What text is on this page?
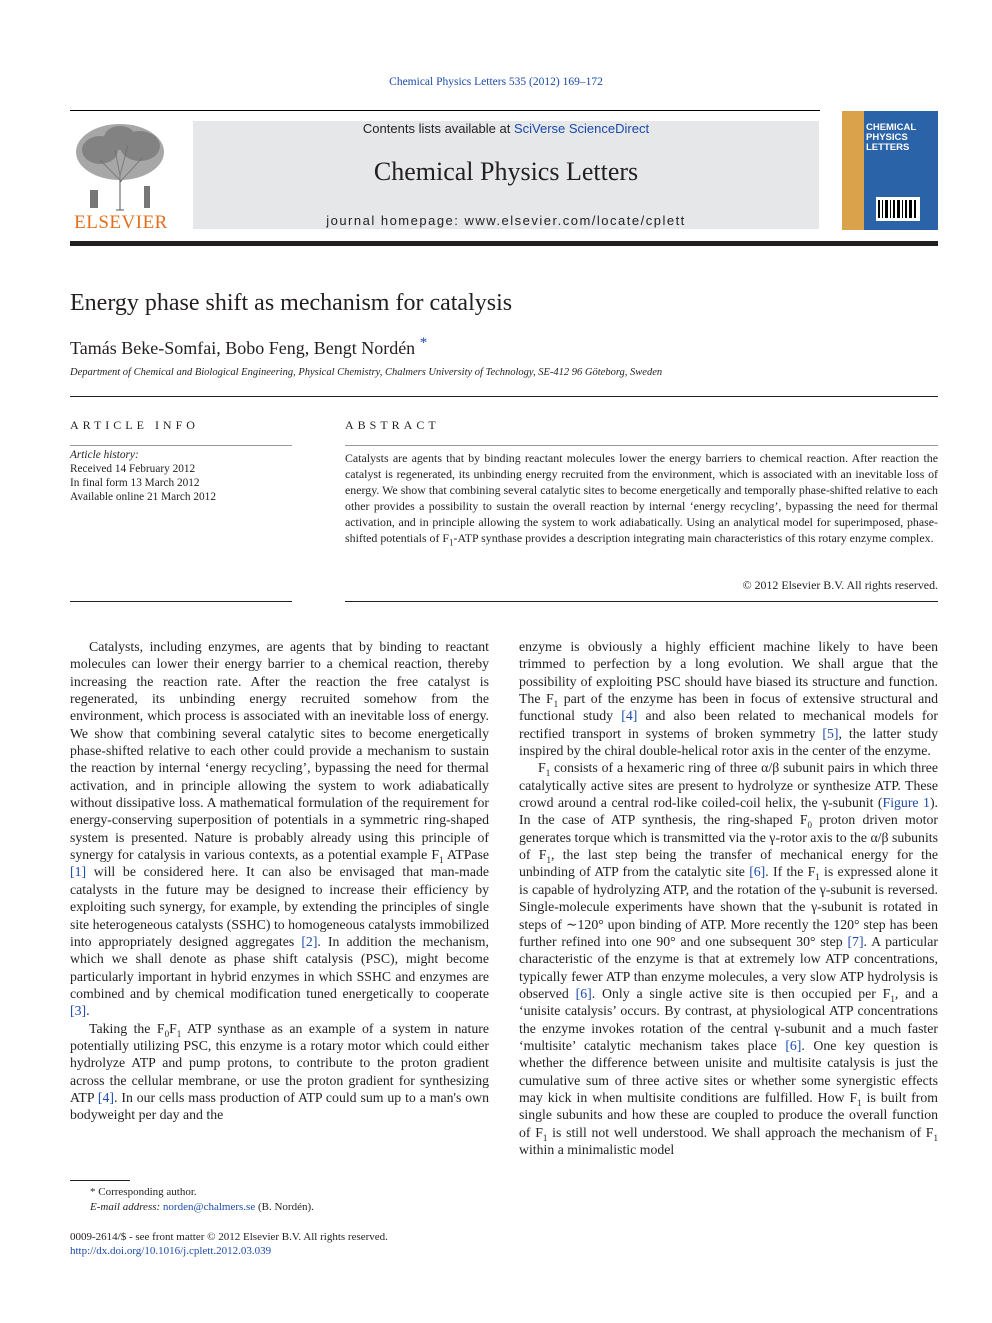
Chemical Physics Letters 535 (2012) 169–172
ELSEVIER
Contents lists available at SciVerse ScienceDirect
Chemical Physics Letters
journal homepage: www.elsevier.com/locate/cplett
CHEMICAL
PHYSICS
LETTERS
Energy phase shift as mechanism for catalysis
Tamás Beke-Somfai, Bobo Feng, Bengt Nordén *
Department of Chemical and Biological Engineering, Physical Chemistry, Chalmers University of Technology, SE-412 96 Göteborg, Sweden
ARTICLE INFO	ABSTRACT
Article history:
Received 14 February 2012
In final form 13 March 2012
Available online 21 March 2012
Catalysts are agents that by binding reactant molecules lower the energy barriers to chemical reaction. After reaction the catalyst is regenerated, its unbinding energy recruited from the environment, which is associated with an inevitable loss of energy. We show that combining several catalytic sites to become energetically and temporally phase-shifted relative to each other provides a possibility to sustain the overall reaction by internal ‘energy recycling’, bypassing the need for thermal activation, and in principle allowing the system to work adiabatically. Using an analytical model for superimposed, phase-shifted potentials of $F_1$-ATP synthase provides a description integrating main characteristics of this rotary enzyme complex.
© 2012 Elsevier B.V. All rights reserved.

Catalysts, including enzymes, are agents that by binding to reactant molecules can lower their energy barrier to a chemical reaction, thereby increasing the reaction rate. After the reaction the free catalyst is regenerated, its unbinding energy recruited somehow from the environment, which process is associated with an inevitable loss of energy. We show that combining several catalytic sites to become energetically phase-shifted relative to each other could provide a mechanism to sustain the reaction by internal ‘energy recycling’, bypassing the need for thermal activation, and in principle allowing the system to work adiabatically without dissipative loss. A mathematical formulation of the requirement for energy-conserving superposition of potentials in a symmetric ring-shaped system is presented. Nature is probably already using this principle of synergy for catalysis in various contexts, as a potential example $F_1$ ATPase [1] will be considered here. It can also be envisaged that man-made catalysts in the future may be designed to increase their efficiency by exploiting such synergy, for example, by extending the principles of single site heterogeneous catalysts (SSHC) to homogeneous catalysts immobilized into appropriately designed aggregates [2]. In addition the mechanism, which we shall denote as phase shift catalysis (PSC), might become particularly important in hybrid enzymes in which SSHC and enzymes are combined and by chemical modification tuned energetically to cooperate [3].

Taking the $F_0F_1$ ATP synthase as an example of a system in nature potentially utilizing PSC, this enzyme is a rotary motor which could either hydrolyze ATP and pump protons, to contribute to the proton gradient across the cellular membrane, or use the proton gradient for synthesizing ATP [4]. In our cells mass production of ATP could sum up to a man's own bodyweight per day and the

enzyme is obviously a highly efficient machine likely to have been trimmed to perfection by a long evolution. We shall argue that the possibility of exploiting PSC should have biased its structure and function. The $F_1$ part of the enzyme has been in focus of extensive structural and functional study [4] and also been related to mechanical models for rectified transport in systems of broken symmetry [5], the latter study inspired by the chiral double-helical rotor axis in the center of the enzyme.

$F_1$ consists of a hexameric ring of three α/β subunit pairs in which three catalytically active sites are present to hydrolyze or synthesize ATP. These crowd around a central rod-like coiled-coil helix, the γ-subunit (Figure 1). In the case of ATP synthesis, the ring-shaped $F_0$ proton driven motor generates torque which is transmitted via the γ-rotor axis to the α/β subunits of $F_1$, the last step being the transfer of mechanical energy for the unbinding of ATP from the catalytic site [6]. If the $F_1$ is expressed alone it is capable of hydrolyzing ATP, and the rotation of the γ-subunit is reversed. Single-molecule experiments have shown that the γ-subunit is rotated in steps of ∼120° upon binding of ATP. More recently the 120° step has been further refined into one 90° and one subsequent 30° step [7]. A particular characteristic of the enzyme is that at extremely low ATP concentrations, typically fewer ATP than enzyme molecules, a very slow ATP hydrolysis is observed [6]. Only a single active site is then occupied per $F_1$, and a ‘unisite catalysis’ occurs. By contrast, at physiological ATP concentrations the enzyme invokes rotation of the central γ-subunit and a much faster ‘multisite’ catalytic mechanism takes place [6]. One key question is whether the difference between unisite and multisite catalysis is just the cumulative sum of three active sites or whether some synergistic effects may kick in when multisite conditions are fulfilled. How $F_1$ is built from single subunits and how these are coupled to produce the overall function of $F_1$ is still not well understood. We shall approach the mechanism of $F_1$ within a minimalistic model

* Corresponding author.
E-mail address: norden@chalmers.se (B. Nordén).
0009-2614/$ - see front matter © 2012 Elsevier B.V. All rights reserved.
http://dx.doi.org/10.1016/j.cplett.2012.03.039
